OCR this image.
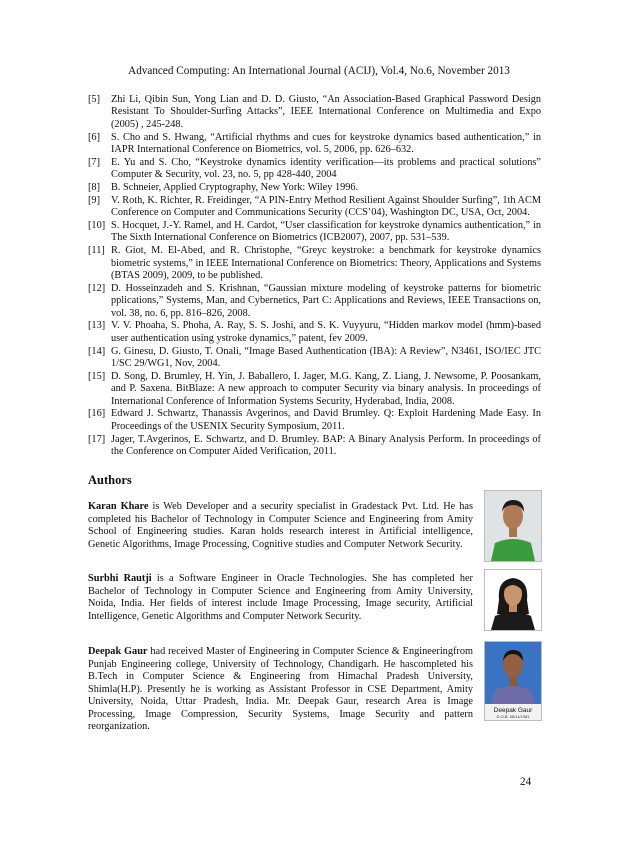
Advanced Computing: An International Journal (ACIJ), Vol.4, No.6, November 2013
[5] Zhi Li, Qibin Sun, Yong Lian and D. D. Giusto, “An Association-Based Graphical Password Design Resistant To Shoulder-Surfing Attacks”, IEEE International Conference on Multimedia and Expo (2005) , 245-248.
[6] S. Cho and S. Hwang, “Artificial rhythms and cues for keystroke dynamics based authentication,” in IAPR International Conference on Biometrics, vol. 5, 2006, pp. 626–632.
[7] E. Yu and S. Cho, “Keystroke dynamics identity verification—its problems and practical solutions” Computer & Security, vol. 23, no. 5, pp 428-440, 2004
[8] B. Schneier, Applied Cryptography, New York: Wiley 1996.
[9] V. Roth, K. Richter, R. Freidinger, “A PIN-Entry Method Resilient Against Shoulder Surfing”, 1th ACM Conference on Computer and Communications Security (CCS’04), Washington DC, USA, Oct, 2004.
[10] S. Hocquet, J.-Y. Ramel, and H. Cardot, “User classification for keystroke dynamics authentication,” in The Sixth International Conference on Biometrics (ICB2007), 2007, pp. 531–539.
[11] R. Giot, M. El-Abed, and R. Christophe, “Greyc keystroke: a benchmark for keystroke dynamics biometric systems,” in IEEE International Conference on Biometrics: Theory, Applications and Systems (BTAS 2009), 2009, to be published.
[12] D. Hosseinzadeh and S. Krishnan, “Gaussian mixture modeling of keystroke patterns for biometric pplications,” Systems, Man, and Cybernetics, Part C: Applications and Reviews, IEEE Transactions on, vol. 38, no. 6, pp. 816–826, 2008.
[13] V. V. Phoaha, S. Phoha, A. Ray, S. S. Joshi, and S. K. Vuyyuru, “Hidden markov model (hmm)-based user authentication using ystroke dynamics,” patent, fev 2009.
[14] G. Ginesu, D. Giusto, T. Onali, “Image Based Authentication (IBA): A Review”, N3461, ISO/IEC JTC 1/SC 29/WG1, Nov, 2004.
[15] D. Song, D. Brumley, H. Yin, J. Baballero, I. Jager, M.G. Kang, Z. Liang, J. Newsome, P. Poosankam, and P. Saxena. BitBlaze: A new approach to computer Security via binary analysis. In proceedings of International Conference of Information Systems Security, Hyderabad, India, 2008.
[16] Edward J. Schwartz, Thanassis Avgerinos, and David Brumley. Q: Exploit Hardening Made Easy. In Proceedings of the USENIX Security Symposium, 2011.
[17] Jager, T.Avgerinos, E. Schwartz, and D. Brumley. BAP: A Binary Analysis Perform. In proceedings of the Conference on Computer Aided Verification, 2011.
Authors
Karan Khare is Web Developer and a security specialist in Gradestack Pvt. Ltd. He has completed his Bachelor of Technology in Computer Science and Engineering from Amity School of Engineering studies. Karan holds research interest in Artificial intelligence, Genetic Algorithms, Image Processing, Cognitive studies and Computer Network Security.
Surbhi Rautji is a Software Engineer in Oracle Technologies. She has completed her Bachelor of Technology in Computer Science and Engineering from Amity University, Noida, India. Her fields of interest include Image Processing, Image security, Artificial Intelligence, Genetic Algorithms and Computer Network Security.
Deepak Gaur had received Master of Engineering in Computer Science & Engineeringfrom Punjab Engineering college, University of Technology, Chandigarh. He hascompleted his B.Tech in Computer Science & Engineering from Himachal Pradesh University, Shimla(H.P). Presently he is working as Assistant Professor in CSE Department, Amity University, Noida, Uttar Pradesh, India. Mr. Deepak Gaur, research Area is Image Processing, Image Compression, Security Systems, Image Security and pattern reorganization.
Deepak Gaur
D.O.B. 08/11/1981
24
